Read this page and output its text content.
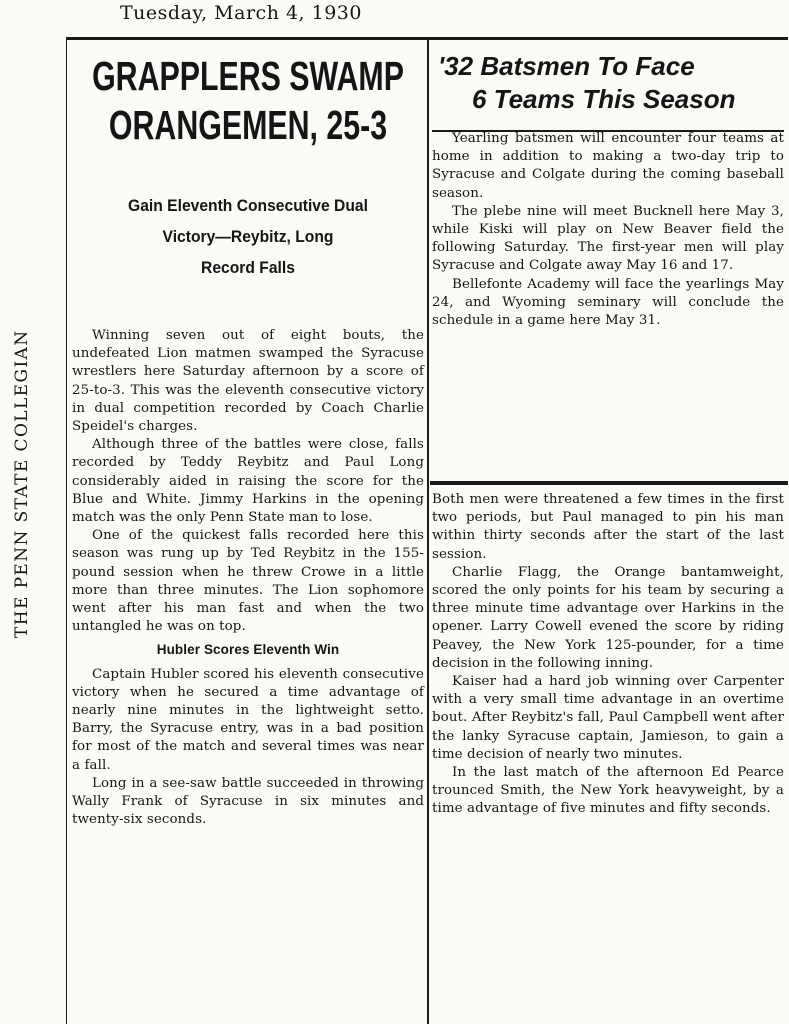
Tuesday, March 4, 1930
THE PENN STATE COLLEGIAN
GRAPPLERS SWAMP
ORANGEMEN, 25-3
Gain Eleventh Consecutive Dual
Victory—Reybitz, Long
Record Falls

Winning seven out of eight bouts, the undefeated Lion matmen swamped the Syracuse wrestlers here Saturday afternoon by a score of 25-to-3. This was the eleventh consecutive victory in dual competition recorded by Coach Charlie Speidel's charges.

Although three of the battles were close, falls recorded by Teddy Reybitz and Paul Long considerably aided in raising the score for the Blue and White. Jimmy Harkins in the opening match was the only Penn State man to lose.

One of the quickest falls recorded here this season was rung up by Ted Reybitz in the 155-pound session when he threw Crowe in a little more than three minutes. The Lion sophomore went after his man fast and when the two untangled he was on top.

Hubler Scores Eleventh Win

Captain Hubler scored his eleventh consecutive victory when he secured a time advantage of nearly nine minutes in the lightweight setto. Barry, the Syracuse entry, was in a bad position for most of the match and several times was near a fall.

Long in a see-saw battle succeeded in throwing Wally Frank of Syracuse in six minutes and twenty-six seconds.

'32 Batsmen To Face
6 Teams This Season

Yearling batsmen will encounter four teams at home in addition to making a two-day trip to Syracuse and Colgate during the coming baseball season.

The plebe nine will meet Bucknell here May 3, while Kiski will play on New Beaver field the following Saturday. The first-year men will play Syracuse and Colgate away May 16 and 17.

Bellefonte Academy will face the yearlings May 24, and Wyoming seminary will conclude the schedule in a game here May 31.

Both men were threatened a few times in the first two periods, but Paul managed to pin his man within thirty seconds after the start of the last session.

Charlie Flagg, the Orange bantamweight, scored the only points for his team by securing a three minute time advantage over Harkins in the opener. Larry Cowell evened the score by riding Peavey, the New York 125-pounder, for a time decision in the following inning.

Kaiser had a hard job winning over Carpenter with a very small time advantage in an overtime bout. After Reybitz's fall, Paul Campbell went after the lanky Syracuse captain, Jamieson, to gain a time decision of nearly two minutes.

In the last match of the afternoon Ed Pearce trounced Smith, the New York heavyweight, by a time advantage of five minutes and fifty seconds.
